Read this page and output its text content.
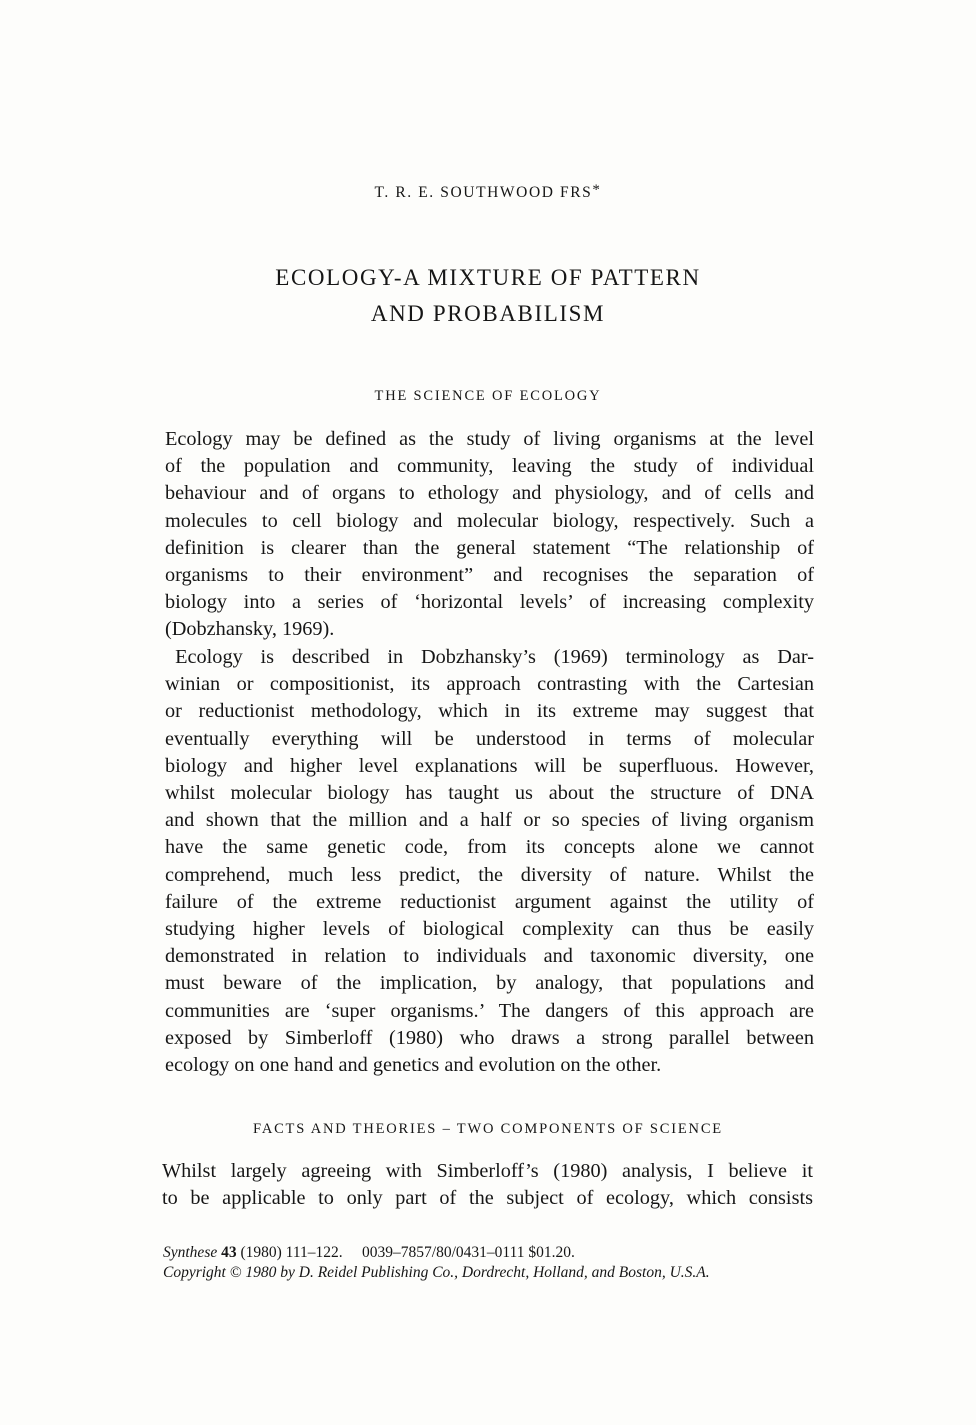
T. R. E. SOUTHWOOD FRS*
ECOLOGY-A MIXTURE OF PATTERN
AND PROBABILISM
THE SCIENCE OF ECOLOGY
Ecology may be defined as the study of living organisms at the level
of the population and community, leaving the study of individual
behaviour and of organs to ethology and physiology, and of cells and
molecules to cell biology and molecular biology, respectively. Such a
definition is clearer than the general statement “The relationship of
organisms to their environment” and recognises the separation of
biology into a series of ‘horizontal levels’ of increasing complexity
(Dobzhansky, 1969).
 Ecology is described in Dobzhansky’s (1969) terminology as Dar-
winian or compositionist, its approach contrasting with the Cartesian
or reductionist methodology, which in its extreme may suggest that
eventually everything will be understood in terms of molecular
biology and higher level explanations will be superfluous. However,
whilst molecular biology has taught us about the structure of DNA
and shown that the million and a half or so species of living organism
have the same genetic code, from its concepts alone we cannot
comprehend, much less predict, the diversity of nature. Whilst the
failure of the extreme reductionist argument against the utility of
studying higher levels of biological complexity can thus be easily
demonstrated in relation to individuals and taxonomic diversity, one
must beware of the implication, by analogy, that populations and
communities are ‘super organisms.’ The dangers of this approach are
exposed by Simberloff (1980) who draws a strong parallel between
ecology on one hand and genetics and evolution on the other.
FACTS AND THEORIES – TWO COMPONENTS OF SCIENCE
Whilst largely agreeing with Simberloff’s (1980) analysis, I believe it
to be applicable to only part of the subject of ecology, which consists
Synthese 43 (1980) 111–122.  0039–7857/80/0431–0111 $01.20.
Copyright © 1980 by D. Reidel Publishing Co., Dordrecht, Holland, and Boston, U.S.A.
